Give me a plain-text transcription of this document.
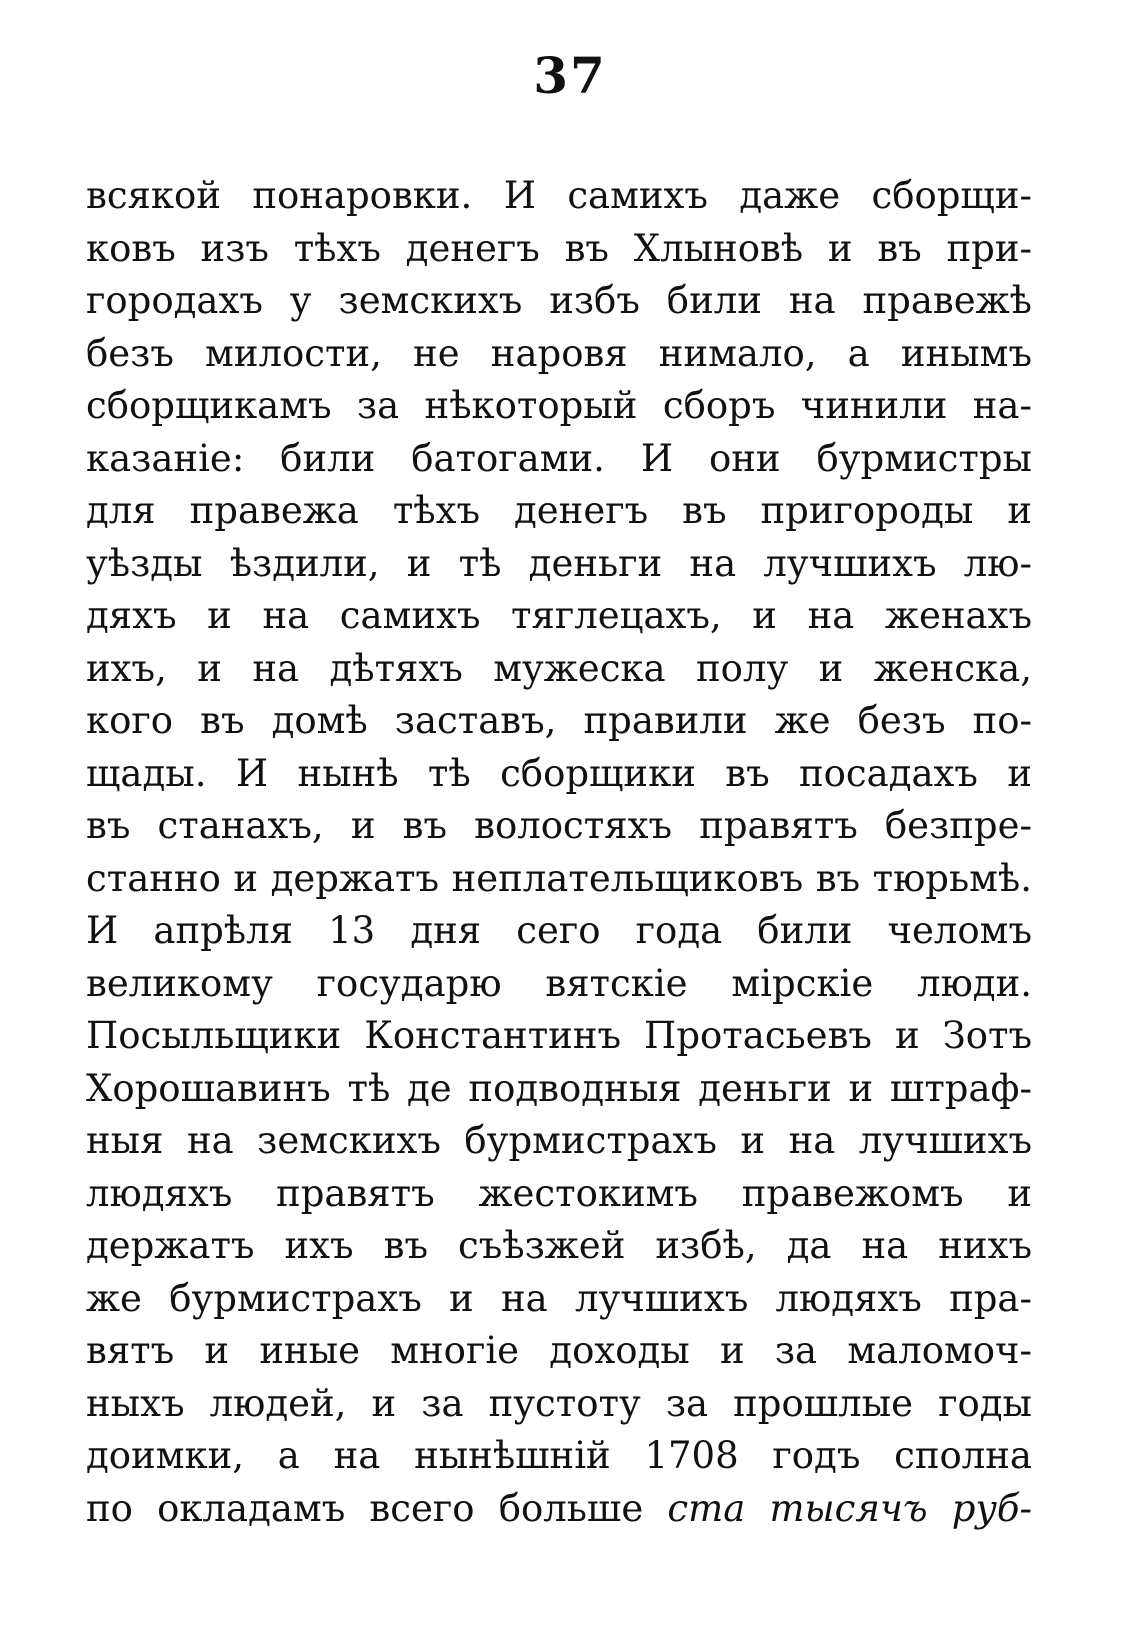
37
всякой понаровки. И самихъ даже сборщи-
ковъ изъ тѣхъ денегъ въ Хлыновѣ и въ при-
городахъ у земскихъ избъ били на правежѣ
безъ милости, не наровя нимало, а инымъ
сборщикамъ за нѣкоторый сборъ чинили на-
казаніе: били батогами. И они бурмистры
для правежа тѣхъ денегъ въ пригороды и
уѣзды ѣздили, и тѣ деньги на лучшихъ лю-
дяхъ и на самихъ тяглецахъ, и на женахъ
ихъ, и на дѣтяхъ мужеска полу и женска,
кого въ домѣ заставъ, правили же безъ по-
щады. И нынѣ тѣ сборщики въ посадахъ и
въ станахъ, и въ волостяхъ правятъ безпре-
станно и держатъ неплательщиковъ въ тюрьмѣ.
И апрѣля 13 дня сего года били челомъ
великому государю вятскіе мірскіе люди.
Посыльщики Константинъ Протасьевъ и Зотъ
Хорошавинъ тѣ де подводныя деньги и штраф-
ныя на земскихъ бурмистрахъ и на лучшихъ
людяхъ правятъ жестокимъ правежомъ и
держатъ ихъ въ съѣзжей избѣ, да на нихъ
же бурмистрахъ и на лучшихъ людяхъ пра-
вятъ и иные многіе доходы и за маломоч-
ныхъ людей, и за пустоту за прошлые годы
доимки, а на нынѣшній 1708 годъ сполна
по окладамъ всего больше ста тысячъ руб-
